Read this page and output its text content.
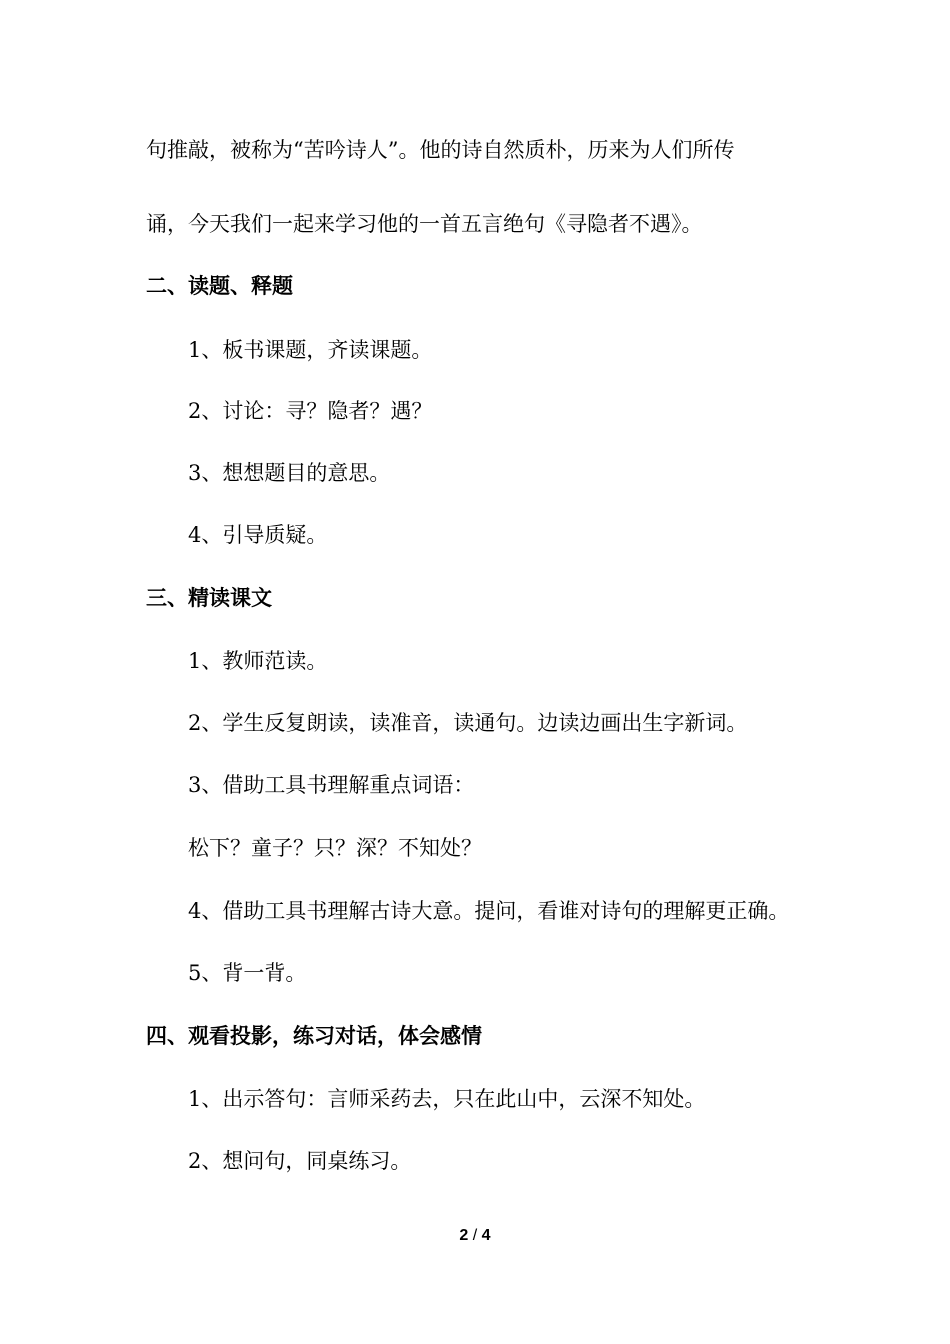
句推敲，被称为“苦吟诗人”。他的诗自然质朴，历来为人们所传
诵，今天我们一起来学习他的一首五言绝句《寻隐者不遇》。
二、读题、释题
1、板书课题，齐读课题。
2、讨论：寻？隐者？遇？
3、想想题目的意思。
4、引导质疑。
三、精读课文
1、教师范读。
2、学生反复朗读，读准音，读通句。边读边画出生字新词。
3、借助工具书理解重点词语：
松下？童子？只？深？不知处？
4、借助工具书理解古诗大意。提问，看谁对诗句的理解更正确。
5、背一背。
四、观看投影，练习对话，体会感情
1、出示答句：言师采药去，只在此山中，云深不知处。
2、想问句，同桌练习。
2 / 4
